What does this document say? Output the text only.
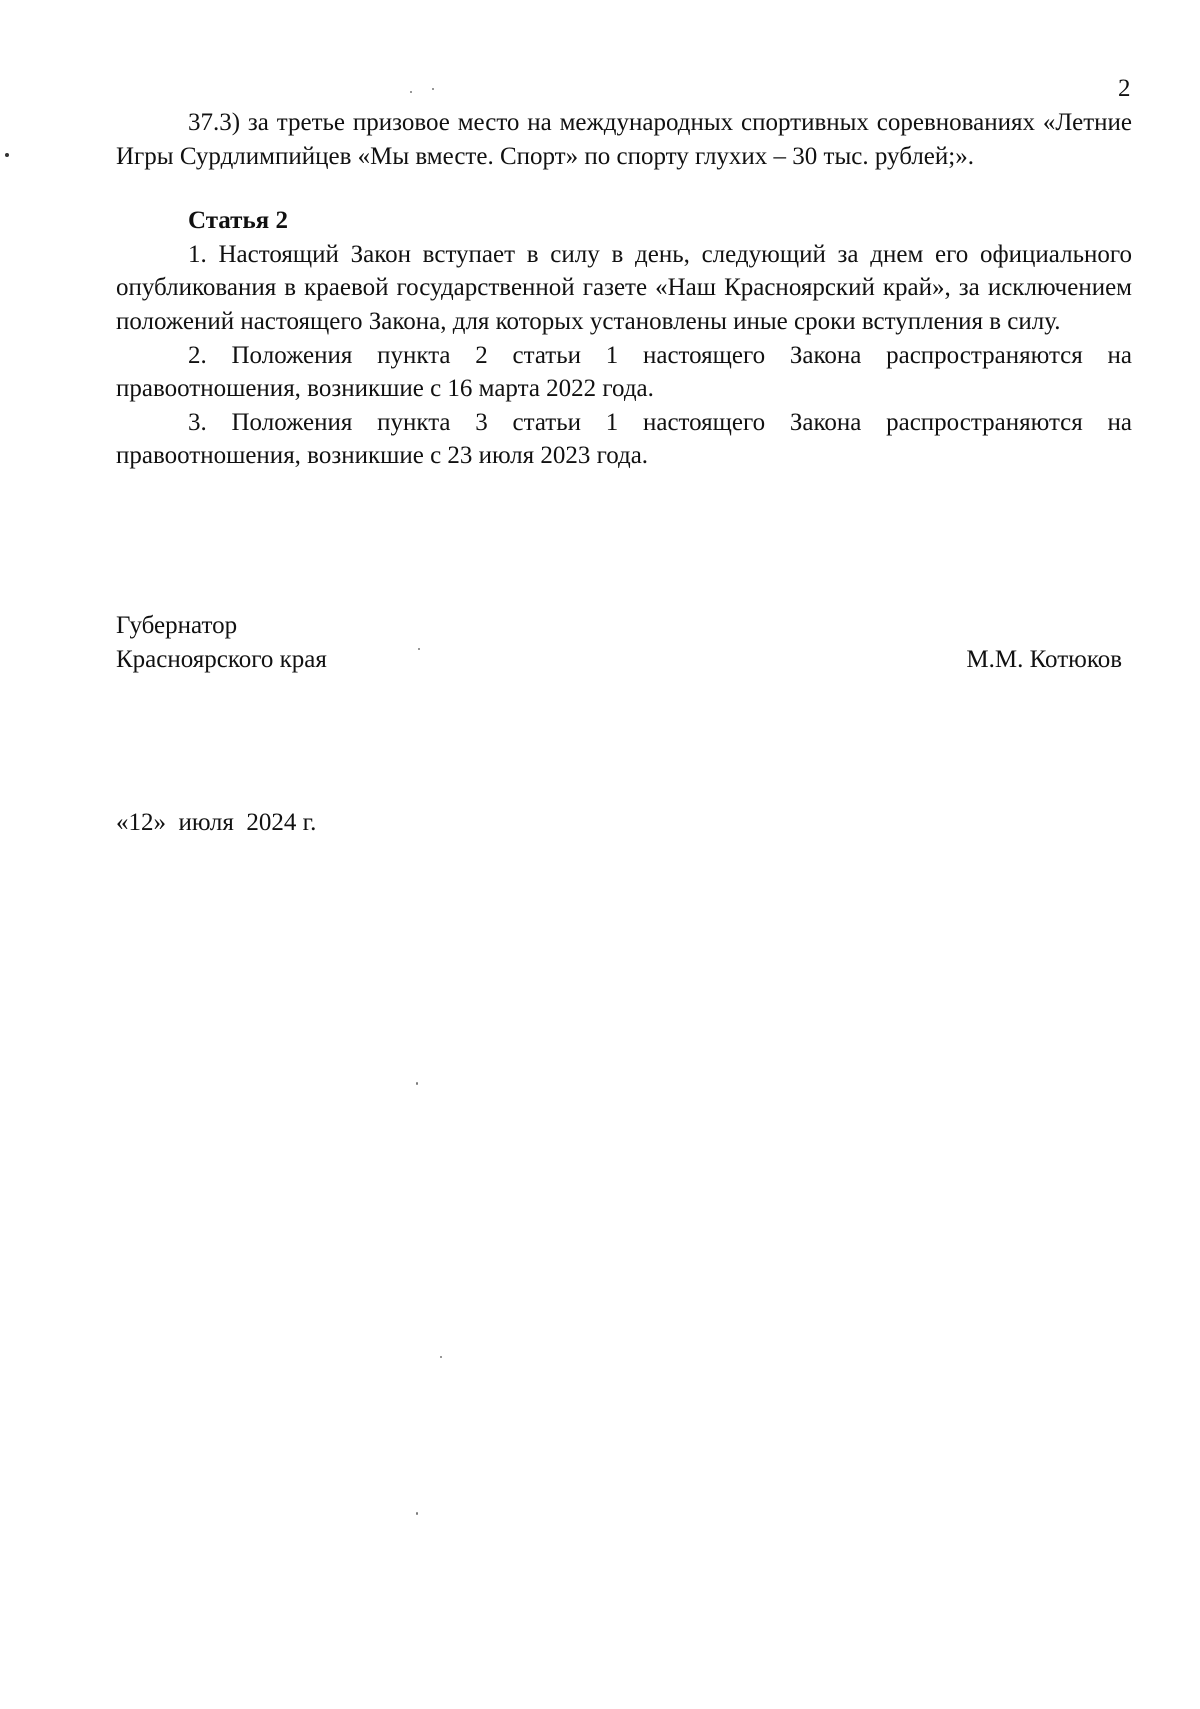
2

37.3) за третье призовое место на международных спортивных соревнованиях «Летние Игры Сурдлимпийцев «Мы вместе. Спорт» по спорту глухих – 30 тыс. рублей;».

Статья 2

1. Настоящий Закон вступает в силу в день, следующий за днем его официального опубликования в краевой государственной газете «Наш Красноярский край», за исключением положений настоящего Закона, для которых установлены иные сроки вступления в силу.

2. Положения пункта 2 статьи 1 настоящего Закона распространяются на правоотношения, возникшие с 16 марта 2022 года.

3. Положения пункта 3 статьи 1 настоящего Закона распространяются на правоотношения, возникшие с 23 июля 2023 года.

Губернатор
Красноярского края	М.М. Котюков
«12»  июля  2024 г.
